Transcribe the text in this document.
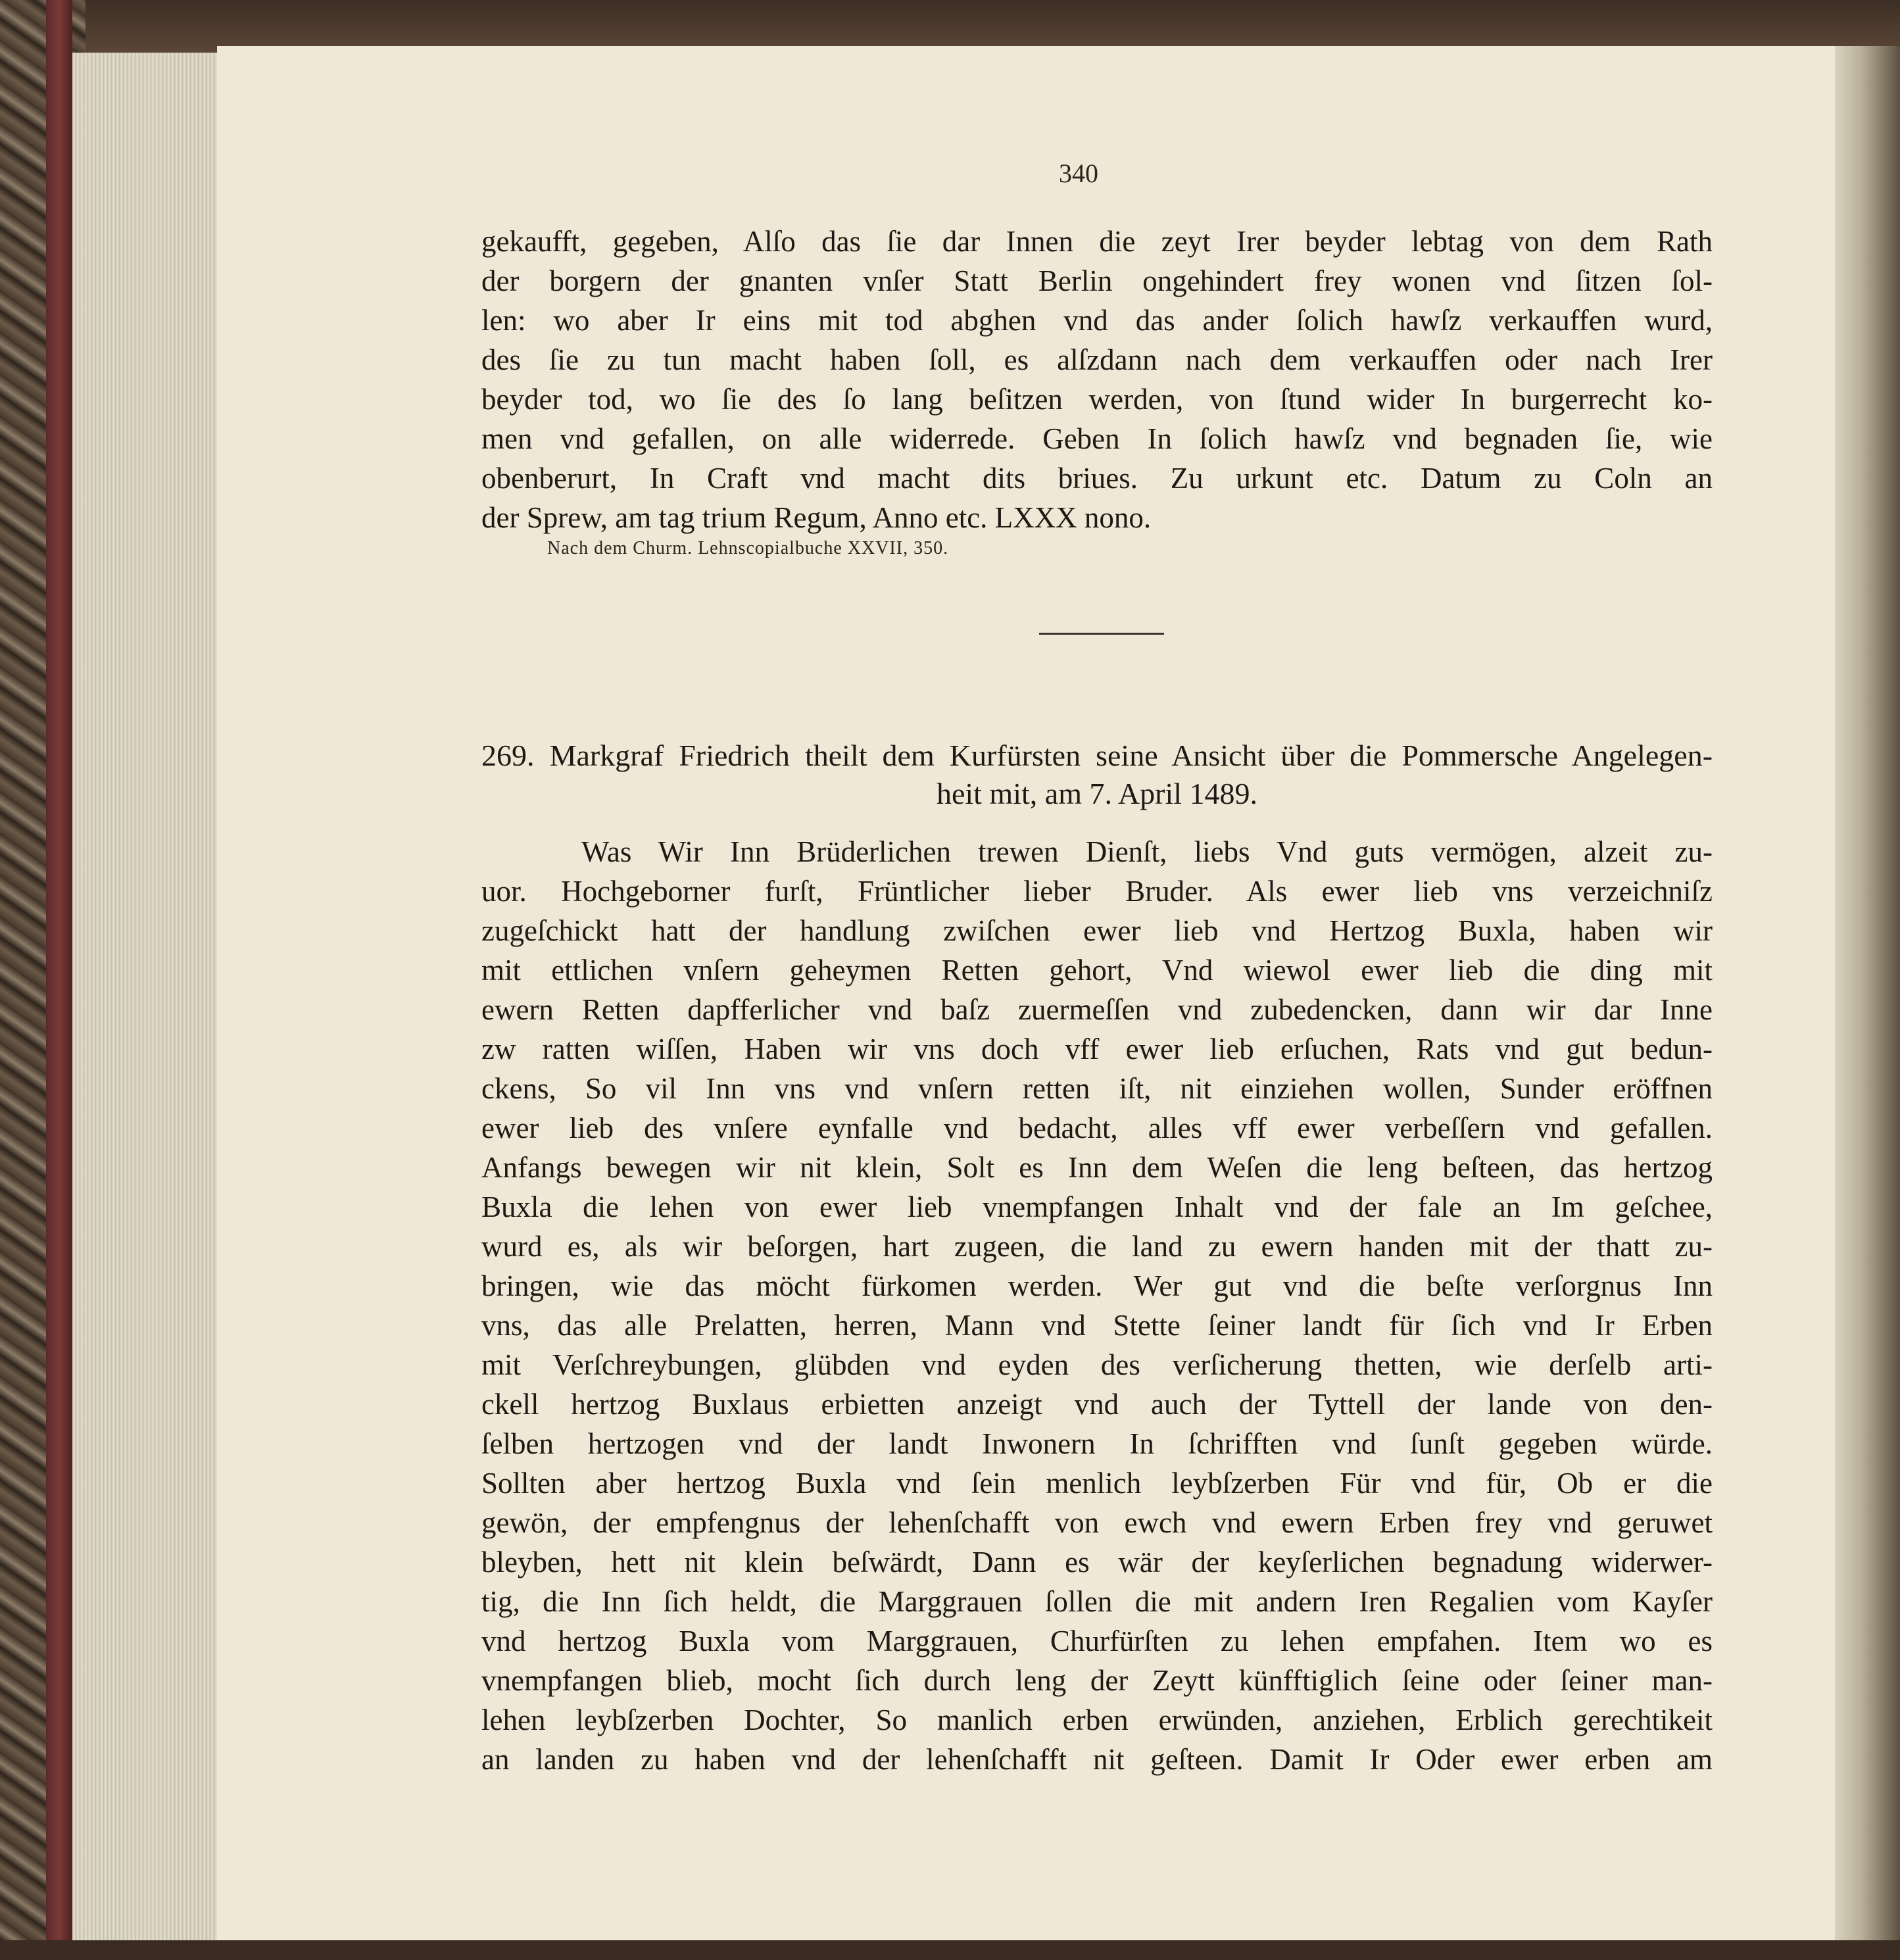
340
gekaufft, gegeben, Alſo das ſie dar Innen die zeyt Irer beyder lebtag von dem Rath
der borgern der gnanten vnſer Statt Berlin ongehindert frey wonen vnd ſitzen ſol-
len: wo aber Ir eins mit tod abghen vnd das ander ſolich hawſz verkauffen wurd,
des ſie zu tun macht haben ſoll, es alſzdann nach dem verkauffen oder nach Irer
beyder tod, wo ſie des ſo lang beſitzen werden, von ſtund wider In burgerrecht ko-
men vnd gefallen, on alle widerrede. Geben In ſolich hawſz vnd begnaden ſie, wie
obenberurt, In Craft vnd macht dits briues. Zu urkunt etc. Datum zu Coln an
der Sprew, am tag trium Regum, Anno etc. LXXX nono.
Nach dem Churm. Lehnscopialbuche XXVII, 350.
269. Markgraf Friedrich theilt dem Kurfürsten seine Ansicht über die Pommersche Angelegen-
heit mit, am 7. April 1489.
Was Wir Inn Brüderlichen trewen Dienſt, liebs Vnd guts vermögen, alzeit zu-
uor. Hochgeborner furſt, Früntlicher lieber Bruder. Als ewer lieb vns verzeichniſz
zugeſchickt hatt der handlung zwiſchen ewer lieb vnd Hertzog Buxla, haben wir
mit ettlichen vnſern geheymen Retten gehort, Vnd wiewol ewer lieb die ding mit
ewern Retten dapfferlicher vnd baſz zuermeſſen vnd zubedencken, dann wir dar Inne
zw ratten wiſſen, Haben wir vns doch vff ewer lieb erſuchen, Rats vnd gut bedun-
ckens, So vil Inn vns vnd vnſern retten iſt, nit einziehen wollen, Sunder eröffnen
ewer lieb des vnſere eynfalle vnd bedacht, alles vff ewer verbeſſern vnd gefallen.
Anfangs bewegen wir nit klein, Solt es Inn dem Weſen die leng beſteen, das hertzog
Buxla die lehen von ewer lieb vnempfangen Inhalt vnd der fale an Im geſchee,
wurd es, als wir beſorgen, hart zugeen, die land zu ewern handen mit der thatt zu-
bringen, wie das möcht fürkomen werden. Wer gut vnd die beſte verſorgnus Inn
vns, das alle Prelatten, herren, Mann vnd Stette ſeiner landt für ſich vnd Ir Erben
mit Verſchreybungen, glübden vnd eyden des verſicherung thetten, wie derſelb arti-
ckell hertzog Buxlaus erbietten anzeigt vnd auch der Tyttell der lande von den-
ſelben hertzogen vnd der landt Inwonern In ſchrifften vnd ſunſt gegeben würde.
Sollten aber hertzog Buxla vnd ſein menlich leybſzerben Für vnd für, Ob er die
gewön, der empfengnus der lehenſchafft von ewch vnd ewern Erben frey vnd geruwet
bleyben, hett nit klein beſwärdt, Dann es wär der keyſerlichen begnadung widerwer-
tig, die Inn ſich heldt, die Marggrauen ſollen die mit andern Iren Regalien vom Kayſer
vnd hertzog Buxla vom Marggrauen, Churfürſten zu lehen empfahen. Item wo es
vnempfangen blieb, mocht ſich durch leng der Zeytt künfftiglich ſeine oder ſeiner man-
lehen leybſzerben Dochter, So manlich erben erwünden, anziehen, Erblich gerechtikeit
an landen zu haben vnd der lehenſchafft nit geſteen. Damit Ir Oder ewer erben am
